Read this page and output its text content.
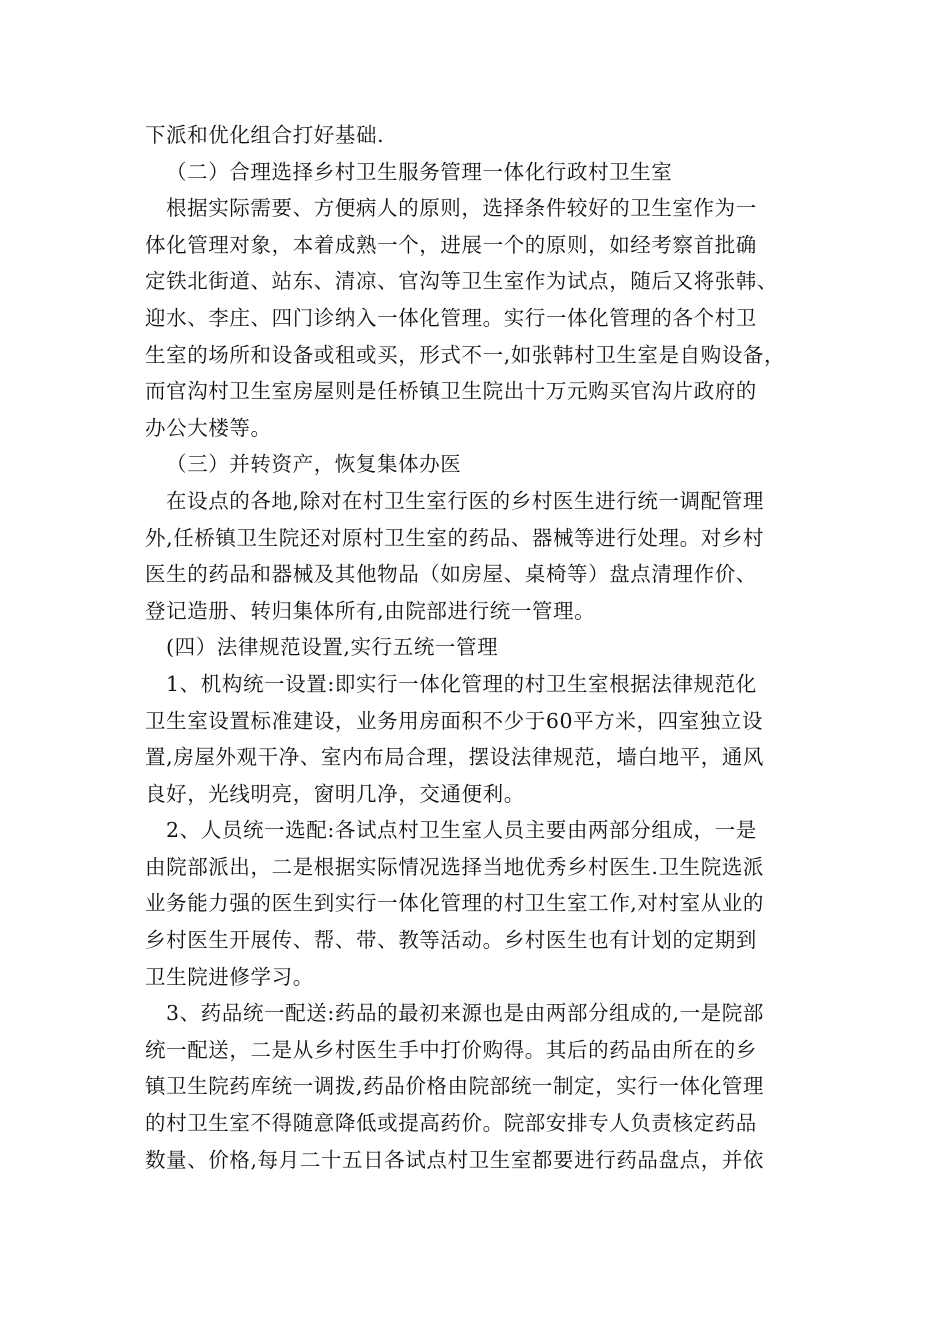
下派和优化组合打好基础.
（二）合理选择乡村卫生服务管理一体化行政村卫生室
根据实际需要、方便病人的原则，选择条件较好的卫生室作为一
体化管理对象，本着成熟一个，进展一个的原则，如经考察首批确
定铁北街道、站东、清凉、官沟等卫生室作为试点，随后又将张韩、
迎水、李庄、四门诊纳入一体化管理。实行一体化管理的各个村卫
生室的场所和设备或租或买，形式不一,如张韩村卫生室是自购设备，
而官沟村卫生室房屋则是任桥镇卫生院出十万元购买官沟片政府的
办公大楼等。
（三）并转资产，恢复集体办医
在设点的各地,除对在村卫生室行医的乡村医生进行统一调配管理
外,任桥镇卫生院还对原村卫生室的药品、器械等进行处理。对乡村
医生的药品和器械及其他物品（如房屋、桌椅等）盘点清理作价、
登记造册、转归集体所有,由院部进行统一管理。
(四）法律规范设置,实行五统一管理
1、机构统一设置:即实行一体化管理的村卫生室根据法律规范化
卫生室设置标准建设，业务用房面积不少于60平方米，四室独立设
置,房屋外观干净、室内布局合理，摆设法律规范，墙白地平，通风
良好，光线明亮，窗明几净，交通便利。
2、人员统一选配:各试点村卫生室人员主要由两部分组成，一是
由院部派出，二是根据实际情况选择当地优秀乡村医生.卫生院选派
业务能力强的医生到实行一体化管理的村卫生室工作,对村室从业的
乡村医生开展传、帮、带、教等活动。乡村医生也有计划的定期到
卫生院进修学习。
3、药品统一配送:药品的最初来源也是由两部分组成的,一是院部
统一配送，二是从乡村医生手中打价购得。其后的药品由所在的乡
镇卫生院药库统一调拨,药品价格由院部统一制定，实行一体化管理
的村卫生室不得随意降低或提高药价。院部安排专人负责核定药品
数量、价格,每月二十五日各试点村卫生室都要进行药品盘点，并依
